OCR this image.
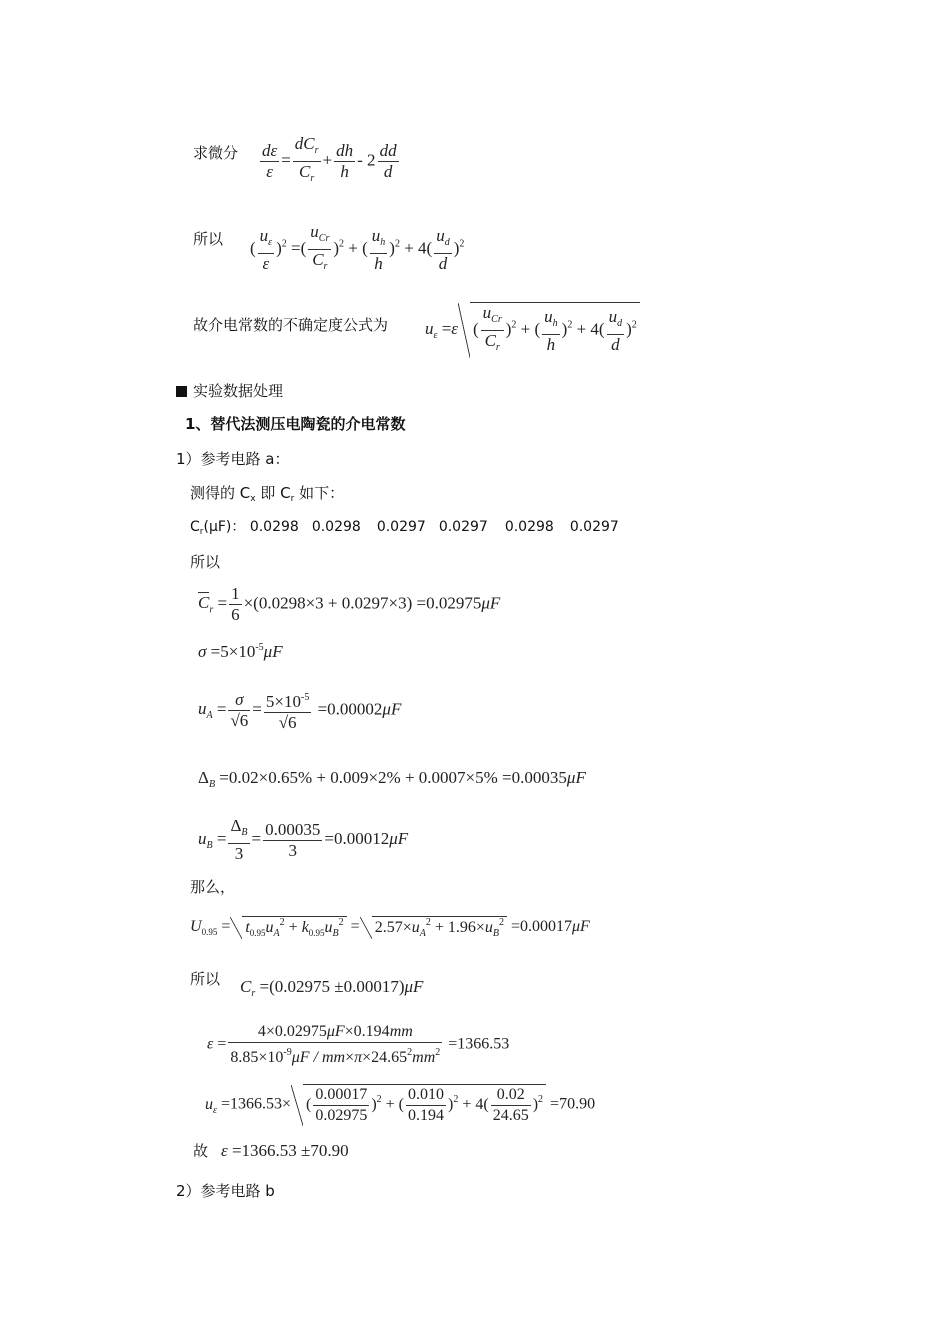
求微分 $\frac{d\varepsilon}{\varepsilon} = \frac{dC_r}{C_r} + \frac{dh}{h} - 2 \frac{dd}{d}$
所以 ( $\frac{u_\varepsilon}{\varepsilon} )^2$ =( $\frac{u_{Cr}}{C_r} )^2$ + ( $\frac{u_h}{h} )^2 + 4( \frac{u_d}{d} )^2$
故介电常数的不确定度公式为 $u_\varepsilon =\varepsilon$ ( $\frac{u_{Cr}}{C_r} )^2$ + ( $\frac{u_h}{h} )^2 + 4( \frac{u_d}{d} )^2$
实验数据处理
1、替代法测压电陶瓷的介电常数
1）参考电路 a：
测得的 $C_x$ 即 $C_r$ 如下：
$C_r(\mu F)$： 0.0298 0.0298 0.0297 0.0297 0.0298 0.0297
所以
$C_r = \frac{1}{6} \times(0.0298\times 3 + 0.0297\times 3) =0.02975\mu F$
$\sigma =5\times 10^{-5}\mu F$
$u_A = \frac{\sigma}{√6} = \frac{5\times 10^{-5}}{√6} =0.00002\mu F$
$\Delta_B =0.02\times 0.65\% + 0.009\times 2\% + 0.0007\times 5\% =0.00035\mu F$
$u_B = \frac{\Delta_B}{3} = \frac{0.00035}{3} =0.00012\mu F$
那么，
$U_{0.95} = t_{0.95}u_A^2 + k_{0.95}u_B^2 = 2.57\times u_A^2 + 1.96\times u_B^2 =0.00017\mu F$
所以 $C_r =(0.02975 \pm 0.00017)\mu F$
$\varepsilon = \frac{4\times 0.02975\mu F\times 0.194mm}{8.85\times 10^{-9}\mu F / mm\times\pi\times 24.65^2mm^2} =1366.53$
$u_\varepsilon =1366.53\times$ ( $\frac{0.00017}{0.02975} )^2$ + ( $\frac{0.010}{0.194} )^2 + 4( \frac{0.02}{24.65} )^2 =70.90$
故 ε =1366.53 ±70.90
2）参考电路 b
